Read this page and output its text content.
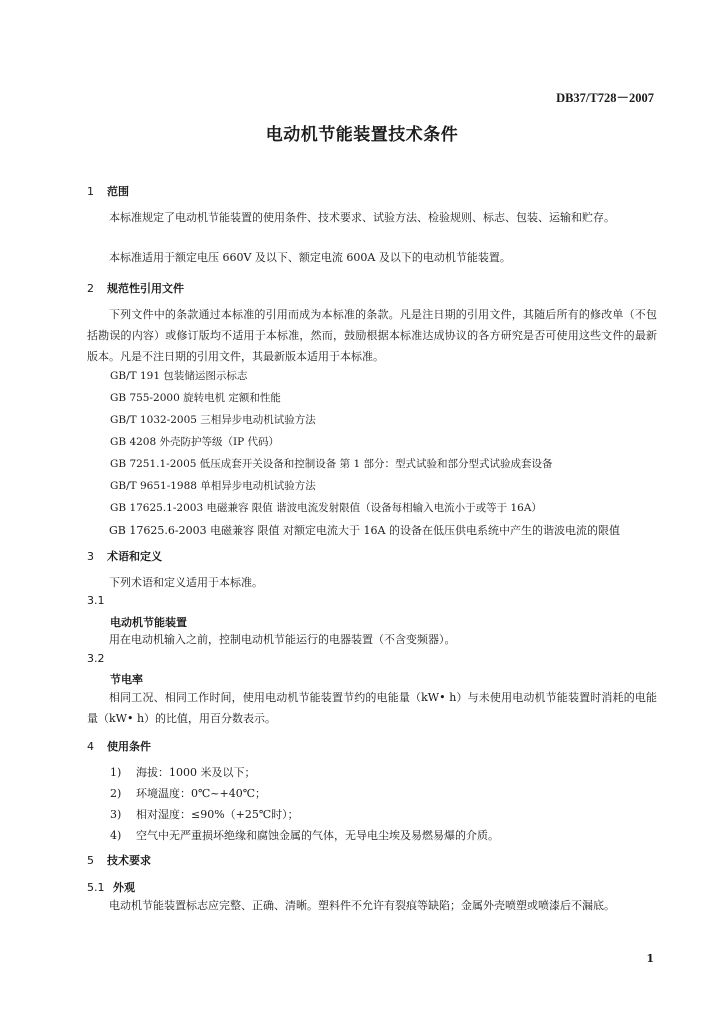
DB37/T728－2007
电动机节能装置技术条件
1 范围
本标准规定了电动机节能装置的使用条件、技术要求、试验方法、检验规则、标志、包装、运输和贮存。
本标准适用于额定电压 660V 及以下、额定电流 600A 及以下的电动机节能装置。
2 规范性引用文件
下列文件中的条款通过本标准的引用而成为本标准的条款。凡是注日期的引用文件，其随后所有的修改单（不包括勘误的内容）或修订版均不适用于本标准，然而，鼓励根据本标准达成协议的各方研究是否可使用这些文件的最新版本。凡是不注日期的引用文件，其最新版本适用于本标准。
GB/T 191 包装储运图示标志
GB 755-2000 旋转电机 定额和性能
GB/T 1032-2005 三相异步电动机试验方法
GB 4208 外壳防护等级（IP 代码）
GB 7251.1-2005 低压成套开关设备和控制设备 第 1 部分：型式试验和部分型式试验成套设备
GB/T 9651-1988 单相异步电动机试验方法
GB 17625.1-2003 电磁兼容 限值 谐波电流发射限值（设备每相输入电流小于或等于 16A）
GB 17625.6-2003 电磁兼容 限值 对额定电流大于 16A 的设备在低压供电系统中产生的谐波电流的限值
3 术语和定义
下列术语和定义适用于本标准。
3.1
电动机节能装置
用在电动机输入之前，控制电动机节能运行的电器装置（不含变频器）。
3.2
节电率
相同工况、相同工作时间，使用电动机节能装置节约的电能量（kW• h）与未使用电动机节能装置时消耗的电能量（kW• h）的比值，用百分数表示。
4 使用条件
1) 海拔：1000 米及以下；
2) 环境温度：0℃~+40℃；
3) 相对湿度：≤90%（+25℃时）；
4) 空气中无严重损坏绝缘和腐蚀金属的气体，无导电尘埃及易燃易爆的介质。
5 技术要求
5.1 外观
电动机节能装置标志应完整、正确、清晰。塑料件不允许有裂痕等缺陷；金属外壳喷塑或喷漆后不漏底。
1
